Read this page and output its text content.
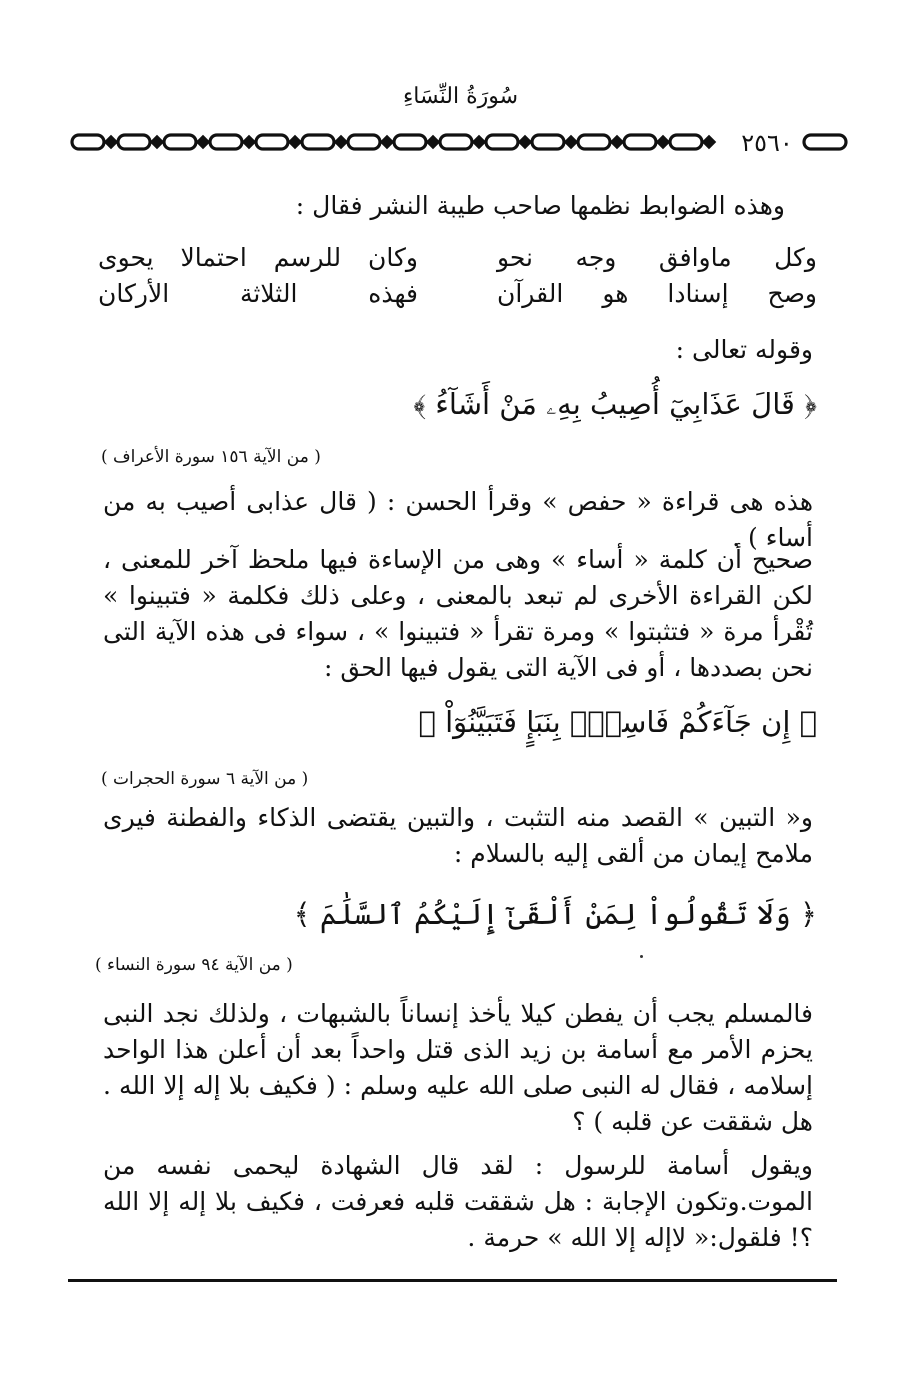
سُورَةُ النِّسَاءِ
٢٥٦٠
وهذه الضوابط نظمها صاحب طيبة النشر فقال :
وكل ماوافق وجه نحو
وكان للرسم احتمالا يحوى
وصح إسنادا هو القرآن
فهذه الثلاثة الأركان
وقوله تعالى :
﴿ قَالَ عَذَابِيٓ أُصِيبُ بِهِۦ مَنْ أَشَآءُ ﴾
( من الآية ١٥٦ سورة الأعراف )
هذه هى قراءة « حفص » وقرأ الحسن : ( قال عذابى أصيب به من أساء ) .
صحيح أن كلمة « أساء » وهى من الإساءة فيها ملحظ آخر للمعنى ، لكن القراءة الأخرى لم تبعد بالمعنى ، وعلى ذلك فكلمة « فتبينوا » تُقْرأ مرة « فتثبتوا » ومرة تقرأ « فتبينوا » ، سواء فى هذه الآية التى نحن بصددها ، أو فى الآية التى يقول فيها الحق :
﴿ إِن جَآءَكُمْ فَاسِقُۢ بِنَبَإٍ فَتَبَيَّنُوٓاْ ﴾
( من الآية ٦ سورة الحجرات )
و« التبين » القصد منه التثبت ، والتبين يقتضى الذكاء والفطنة فيرى ملامح إيمان من ألقى إليه بالسلام :
﴿ وَلَا تَقُولُواْ لِمَنْ أَلْقَىٰٓ إِلَيْكُمُ ٱلسَّلَٰمَ ﴾
( من الآية ٩٤ سورة النساء )
فالمسلم يجب أن يفطن كيلا يأخذ إنساناً بالشبهات ، ولذلك نجد النبى يحزم الأمر مع أسامة بن زيد الذى قتل واحداً بعد أن أعلن هذا الواحد إسلامه ، فقال له النبى صلى الله عليه وسلم : ( فكيف بلا إله إلا الله . هل شققت عن قلبه ) ؟
ويقول أسامة للرسول : لقد قال الشهادة ليحمى نفسه من الموت.وتكون الإجابة : هل شققت قلبه فعرفت ، فكيف بلا إله إلا الله ؟! فلقول:« لاإله إلا الله » حرمة .
